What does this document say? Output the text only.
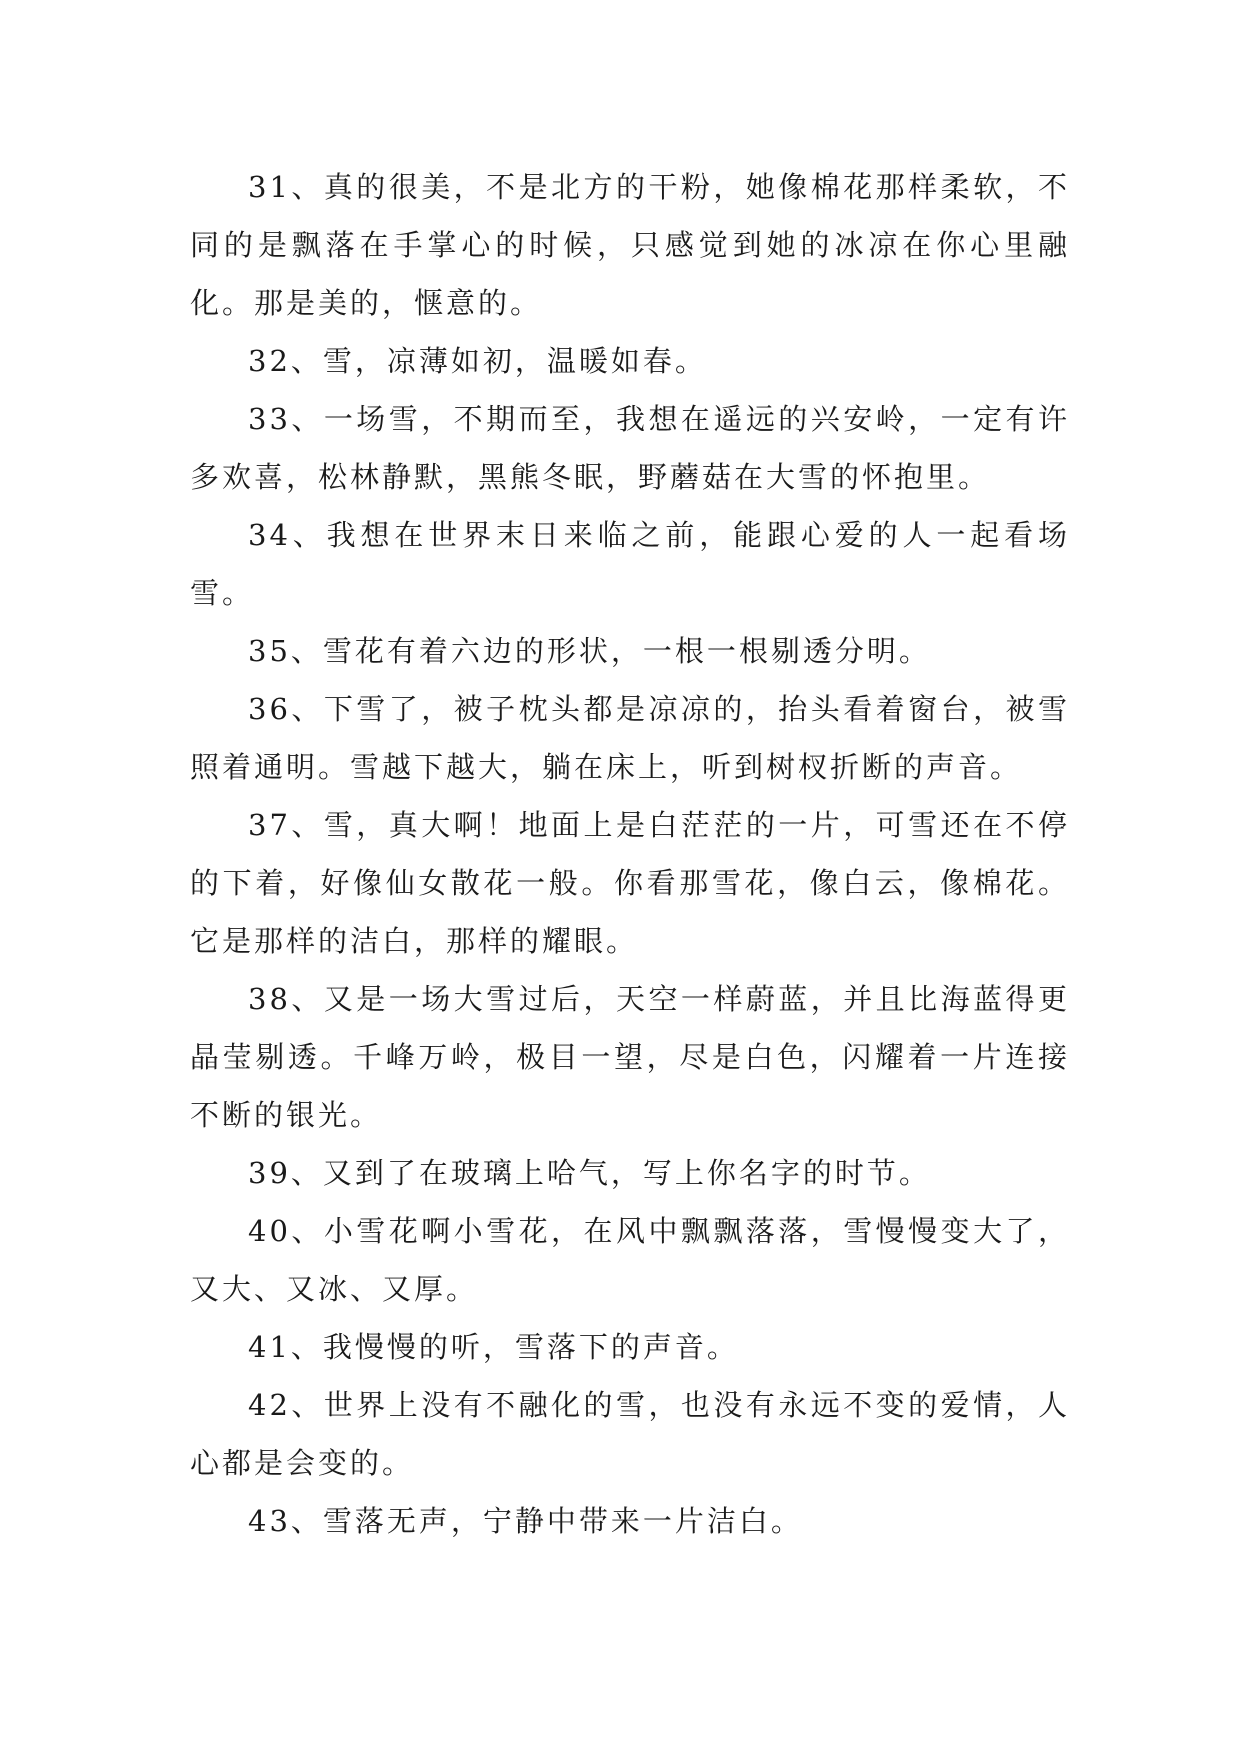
31、真的很美，不是北方的干粉，她像棉花那样柔软，不同的是飘落在手掌心的时候，只感觉到她的冰凉在你心里融化。那是美的，惬意的。

32、雪，凉薄如初，温暖如春。

33、一场雪，不期而至，我想在遥远的兴安岭，一定有许多欢喜，松林静默，黑熊冬眠，野蘑菇在大雪的怀抱里。

34、我想在世界末日来临之前，能跟心爱的人一起看场雪。

35、雪花有着六边的形状，一根一根剔透分明。

36、下雪了，被子枕头都是凉凉的，抬头看着窗台，被雪照着通明。雪越下越大，躺在床上，听到树杈折断的声音。

37、雪，真大啊！地面上是白茫茫的一片，可雪还在不停的下着，好像仙女散花一般。你看那雪花，像白云，像棉花。它是那样的洁白，那样的耀眼。

38、又是一场大雪过后，天空一样蔚蓝，并且比海蓝得更晶莹剔透。千峰万岭，极目一望，尽是白色，闪耀着一片连接不断的银光。

39、又到了在玻璃上哈气，写上你名字的时节。

40、小雪花啊小雪花，在风中飘飘落落，雪慢慢变大了，又大、又冰、又厚。

41、我慢慢的听，雪落下的声音。

42、世界上没有不融化的雪，也没有永远不变的爱情，人心都是会变的。

43、雪落无声，宁静中带来一片洁白。
